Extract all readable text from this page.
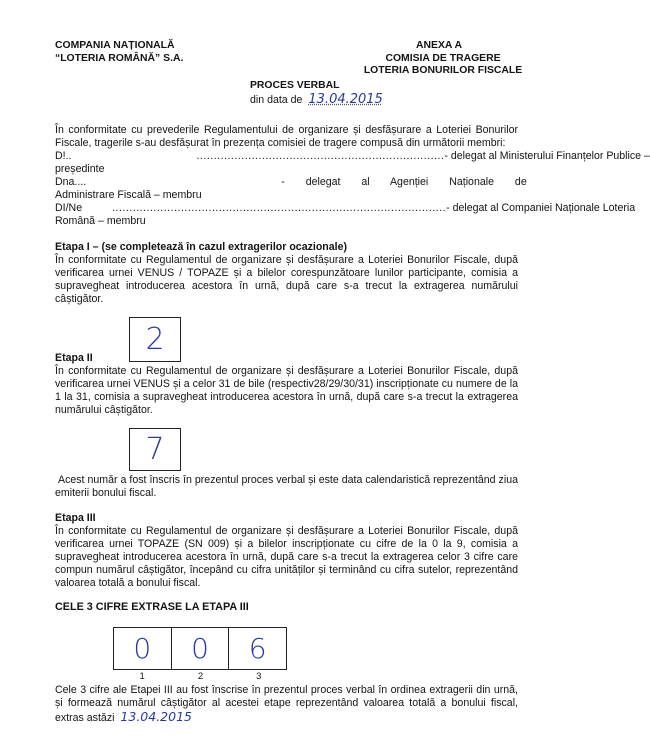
COMPANIA NAȚIONALĂ
“LOTERIA ROMÂNĂ” S.A.
ANEXA A
COMISIA DE TRAGERE
LOTERIA BONURILOR FISCALE
PROCES VERBAL
din data de 13.04.2015
În conformitate cu prevederile Regulamentului de organizare și desfășurare a Loteriei Bonurilor Fiscale, tragerile s-au desfășurat în prezența comisiei de tragere compusă din următorii membri:
D!..	........................................................................ - delegat al Ministerului Finanțelor Publice –
președinte
Dna....	- delegat al Agenției Naționale de
Administrare Fiscală – membru
DI/Ne	................................................................................................. - delegat al Companiei Naționale Loteria
Română – membru
Etapa I – (se completează în cazul extragerilor ocazionale)
În conformitate cu Regulamentul de organizare și desfășurare a Loteriei Bonurilor Fiscale, după verificarea urnei VENUS / TOPAZE și a bilelor corespunzătoare lunilor participante, comisia a supravegheat introducerea acestora în urnă, după care s-a trecut la extragerea numărului câștigător.
2
Etapa II
În conformitate cu Regulamentul de organizare și desfășurare a Loteriei Bonurilor Fiscale, după verificarea urnei VENUS și a celor 31 de bile (respectiv28/29/30/31) inscripționate cu numere de la 1 la 31, comisia a supravegheat introducerea acestora în urnă, după care s-a trecut la extragerea numărului câștigător.
7
Acest număr a fost înscris în prezentul proces verbal și este data calendaristică reprezentând ziua emiterii bonului fiscal.
Etapa III
În conformitate cu Regulamentul de organizare și desfășurare a Loteriei Bonurilor Fiscale, după verificarea urnei TOPAZE (SN 009) și a bilelor inscripționate cu cifre de la 0 la 9, comisia a supravegheat introducerea acestora în urnă, după care s-a trecut la extragerea celor 3 cifre care compun numărul câștigător, începând cu cifra unităților și terminând cu cifra sutelor, reprezentând valoarea totală a bonului fiscal.
CELE 3 CIFRE EXTRASE LA ETAPA III
0 0 6
1	2	3
Cele 3 cifre ale Etapei III au fost înscrise în prezentul proces verbal în ordinea extragerii din urnă, și formează numărul câștigător al acestei etape reprezentând valoarea totală a bonului fiscal, extras astăzi 13.04.2015
